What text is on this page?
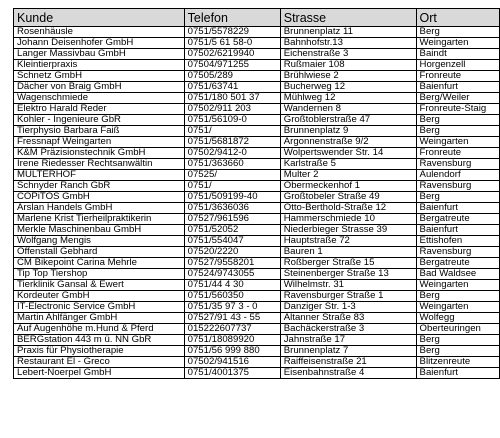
Kunde	Telefon	Strasse	Ort
Rosenhäusle	0751/5578229	Brunnenplatz 11	Berg
Johann Deisenhofer GmbH	0751/5 61 58-0	Bahnhofstr.13	Weingarten
Langer Massivbau GmbH	07502/6219940	Eichenstraße 3	Baindt
Kleintierpraxis	07504/971255	Rußmaier 108	Horgenzell
Schnetz GmbH	07505/289	Brühlwiese 2	Fronreute
Dächer von Braig GmbH	0751/63741	Bucherweg 12	Baienfurt
Wagenschmiede	0751/180 501 37	Mühlweg 12	Berg/Weiler
Elektro Harald Reder	07502/911 203	Wandernen 8	Fronreute-Staig
Kohler - Ingenieure GbR	0751/56109-0	Großtoblerstraße 47	Berg
Tierphysio Barbara Faiß	0751/	Brunnenplatz 9	Berg
Fressnapf Weingarten	0751/5681872	Argonnenstraße 9/2	Weingarten
K&M Präzisionstechnik GmbH	07502/9412-0	Wolpertswender Str. 14	Fronreute
Irene Riedesser Rechtsanwältin	0751/363660	Karlstraße 5	Ravensburg
MULTERHOF	07525/	Multer 2	Aulendorf
Schnyder Ranch GbR	0751/	Obermeckenhof 1	Ravensburg
COPiTOS GmbH	0751/509199-40	Großtobeler Straße 49	Berg
Arslan Handels GmbH	0751/3636036	Otto-Berthold-Straße 12	Baienfurt
Marlene Krist Tierheilpraktikerin	07527/961596	Hammerschmiede 10	Bergatreute
Merkle Maschinenbau GmbH	0751/52052	Niederbieger Strasse 39	Baienfurt
Wolfgang Mengis	0751/554047	Hauptstraße 72	Ettishofen
Offenstall Gebhard	07520/2220	Bauren 1	Ravensburg
CM Bikepoint Carina Mehrle	07527/9558201	Roßberger Straße 15	Bergatreute
Tip Top Tiershop	07524/9743055	Steinenberger Straße 13	Bad Waldsee
Tierklinik Gansal & Ewert	0751/44 4 30	Wilhelmstr. 31	Weingarten
Kordeuter GmbH	0751/560350	Ravensburger Straße 1	Berg
IT-Electronic Service GmbH	0751/35 97 3 - 0	Danziger Str. 1-3	Weingarten
Martin Ahlfänger GmbH	07527/91 43 - 55	Altanner Straße 83	Wolfegg
Auf Augenhöhe m.Hund & Pferd	015222607737	Bachäckerstraße 3	Oberteuringen
BERGstation 443 m ü. NN GbR	0751/18089920	Jahnstraße 17	Berg
Praxis für Physiotherapie	0751/56 999 880	Brunnenplatz 7	Berg
Restaurant El - Greco	07502/941516	Raiffeisenstraße 21	Blitzenreute
Lebert-Noerpel GmbH	0751/4001375	Eisenbahnstraße 4	Baienfurt
